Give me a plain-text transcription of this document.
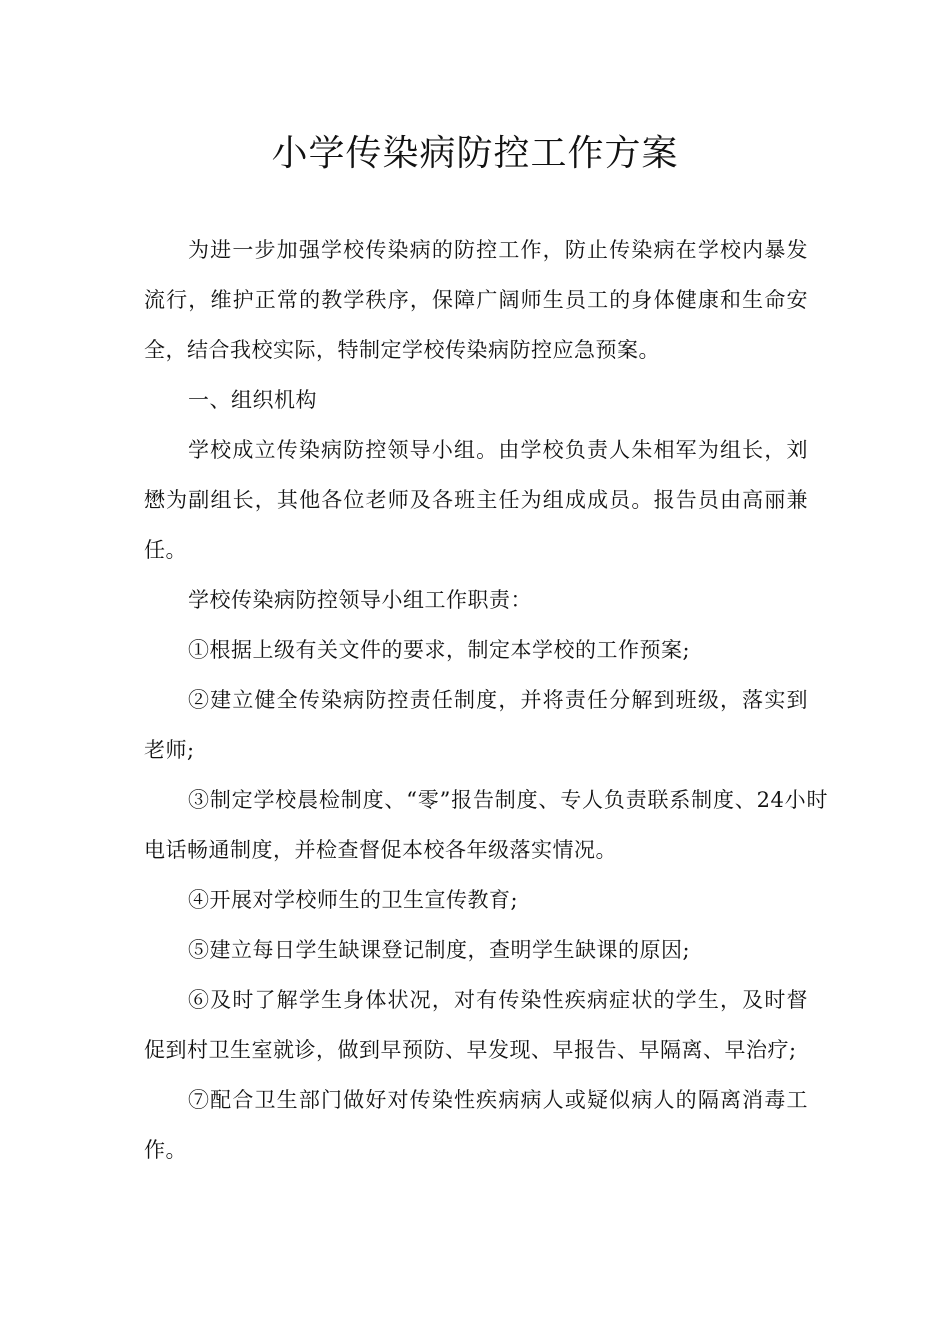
小学传染病防控工作方案

为进一步加强学校传染病的防控工作，防止传染病在学校内暴发流行，维护正常的教学秩序，保障广阔师生员工的身体健康和生命安全，结合我校实际，特制定学校传染病防控应急预案。

一、组织机构

学校成立传染病防控领导小组。由学校负责人朱相军为组长，刘懋为副组长，其他各位老师及各班主任为组成成员。报告员由高丽兼任。

学校传染病防控领导小组工作职责：

①根据上级有关文件的要求，制定本学校的工作预案;

②建立健全传染病防控责任制度，并将责任分解到班级，落实到老师;

③制定学校晨检制度、“零”报告制度、专人负责联系制度、24小时电话畅通制度，并检查督促本校各年级落实情况。

④开展对学校师生的卫生宣传教育;

⑤建立每日学生缺课登记制度，查明学生缺课的原因;

⑥及时了解学生身体状况，对有传染性疾病症状的学生，及时督促到村卫生室就诊，做到早预防、早发现、早报告、早隔离、早治疗;

⑦配合卫生部门做好对传染性疾病病人或疑似病人的隔离消毒工作。
